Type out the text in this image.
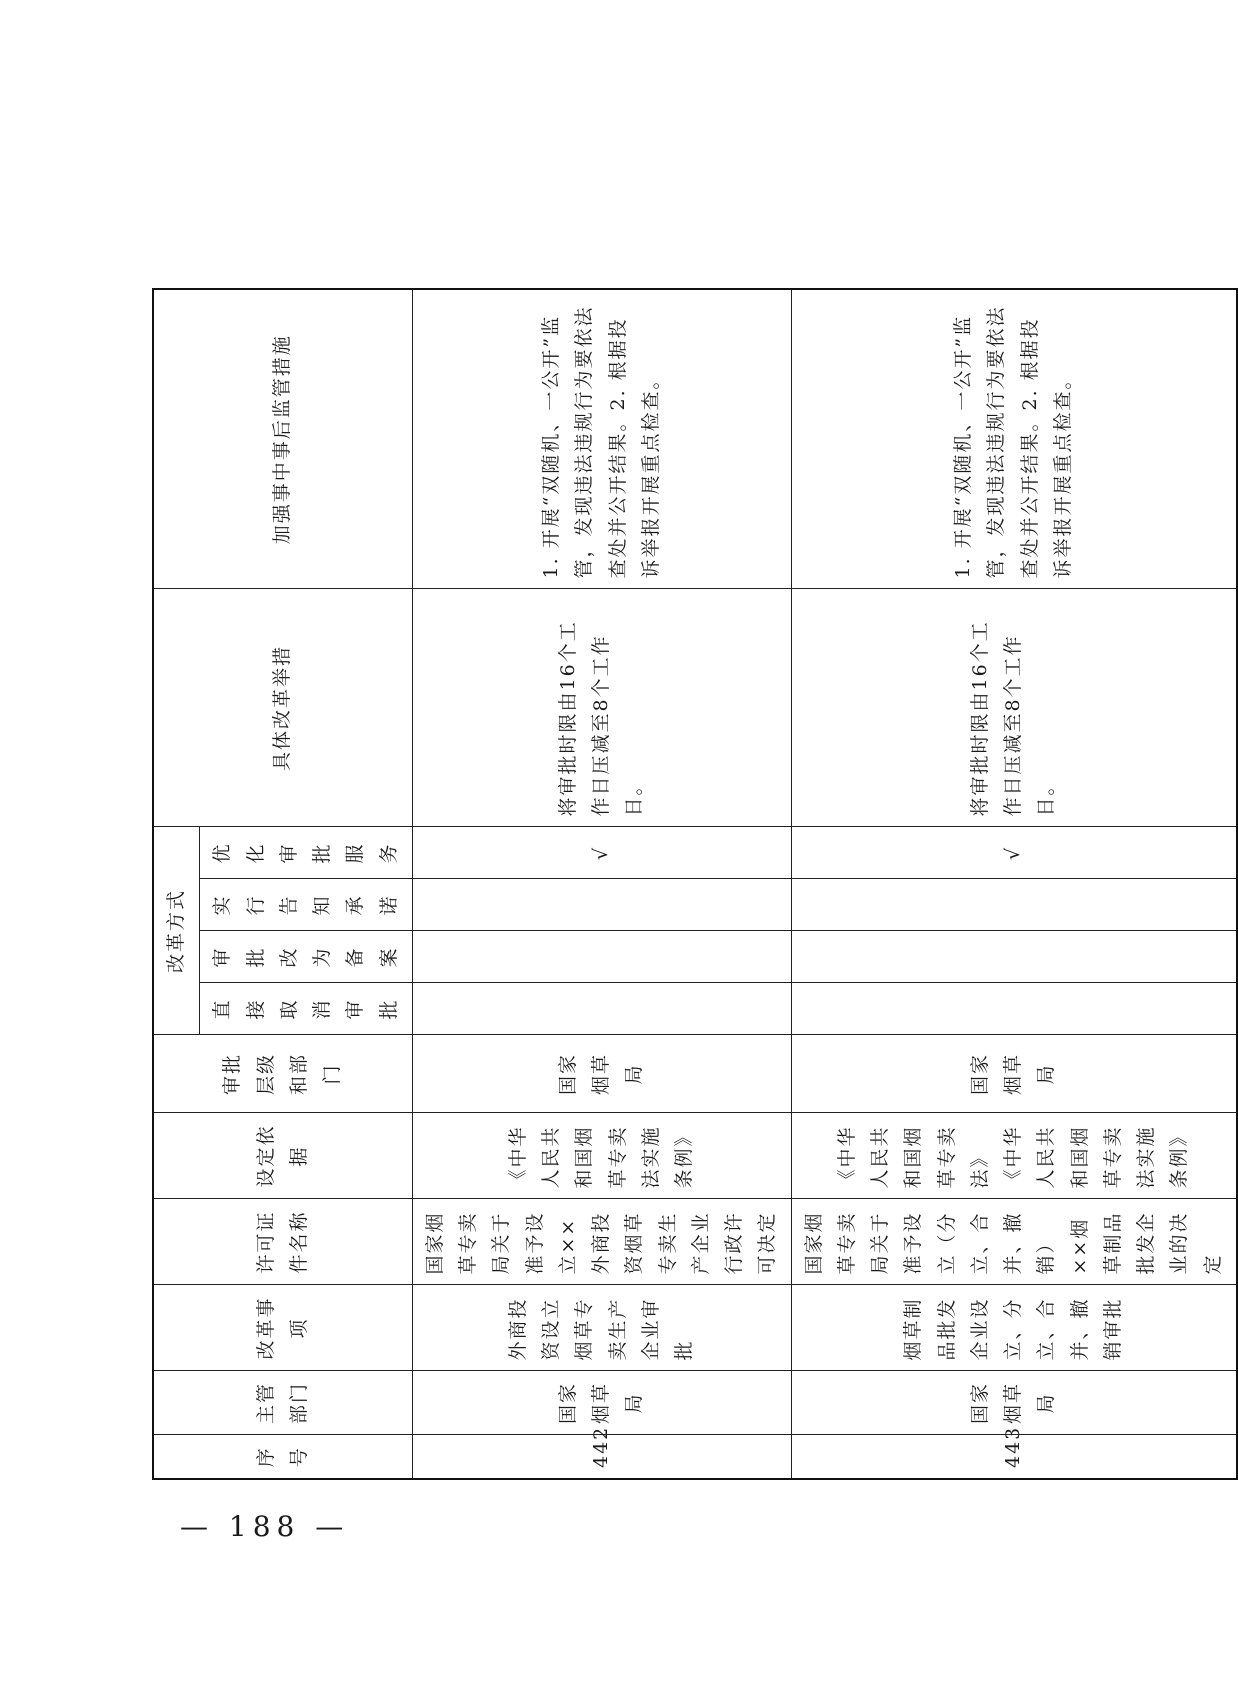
序号	主管部门	改革事项	许可证件名称	设定依据	审批层级和部门	改革方式				具体改革举措	加强事中事后监管措施
						直接取消审批	审批改为备案	实行告知承诺	优化审批服务		
442	国家烟草局	外商投资设立烟草专卖生产企业审批	国家烟草专卖局关于准予设立××外商投资烟草专卖生产企业行政许可决定	《中华人民共和国烟草专卖法实施条例》	国家烟草局				√	将审批时限由16个工作日压减至8个工作日。	1. 开展“双随机、一公开”监管，发现违法违规行为要依法查处并公开结果。2. 根据投诉举报开展重点检查。
443	国家烟草局	烟草制品批发企业设立、分立、合并、撤销审批	国家烟草专卖局关于准予设立（分立、合并、撤销）××烟草制品批发企业的决定	《中华人民共和国烟草专卖法》《中华人民共和国烟草专卖法实施条例》	国家烟草局				√	将审批时限由16个工作日压减至8个工作日。	1. 开展“双随机、一公开”监管，发现违法违规行为要依法查处并公开结果。2. 根据投诉举报开展重点检查。
— 188 —
